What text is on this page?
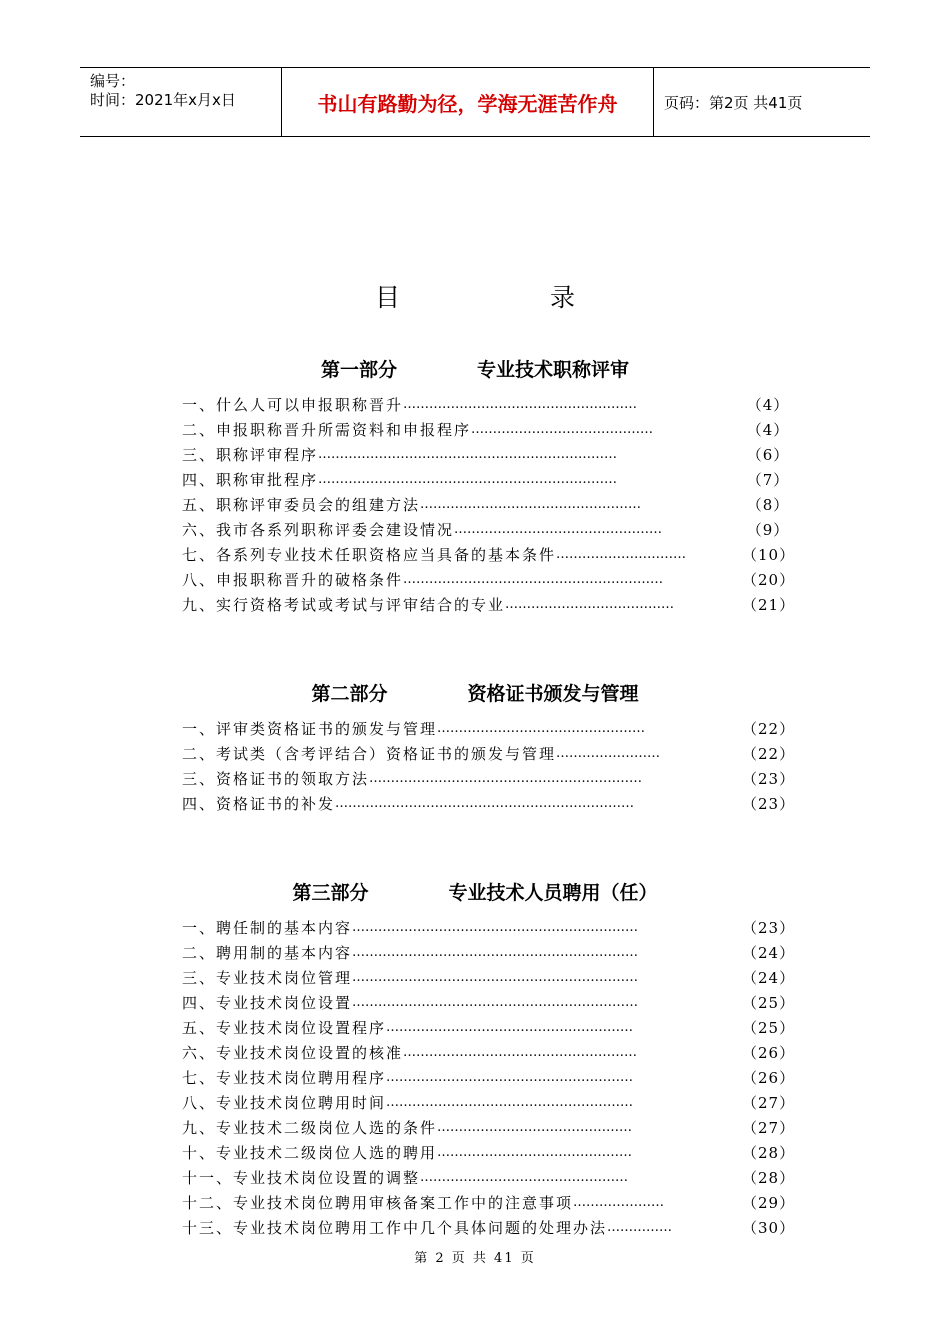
编号：
时间：2021年x月x日	书山有路勤为径，学海无涯苦作舟	页码：第2页 共41页
目	录
第一部分	专业技术职称评审
一、什么人可以申报职称晋升 ………………………………………………	（4）
二、申报职称晋升所需资料和申报程序 ……………………………………	（4）
三、职称评审程序 ……………………………………………………………	（6）
四、职称审批程序 ……………………………………………………………	（7）
五、职称评审委员会的组建方法 ……………………………………………	（8）
六、我市各系列职称评委会建设情况 …………………………………………	（9）
七、各系列专业技术任职资格应当具备的基本条件 …………………………	（10）
八、申报职称晋升的破格条件 ……………………………………………………	（20）
九、实行资格考试或考试与评审结合的专业 …………………………………	（21）
第二部分	资格证书颁发与管理
一、评审类资格证书的颁发与管理 …………………………………………	（22）
二、考试类（含考评结合）资格证书的颁发与管理 ……………………	（22）
三、资格证书的领取方法 ………………………………………………………	（23）
四、资格证书的补发 ……………………………………………………………	（23）
第三部分	专业技术人员聘用（任）
一、聘任制的基本内容 …………………………………………………………	（23）
二、聘用制的基本内容 …………………………………………………………	（24）
三、专业技术岗位管理 …………………………………………………………	（24）
四、专业技术岗位设置 …………………………………………………………	（25）
五、专业技术岗位设置程序 …………………………………………………	（25）
六、专业技术岗位设置的核准 ………………………………………………	（26）
七、专业技术岗位聘用程序 …………………………………………………	（26）
八、专业技术岗位聘用时间 …………………………………………………	（27）
九、专业技术二级岗位人选的条件 ………………………………………	（27）
十、专业技术二级岗位人选的聘用 ………………………………………	（28）
十一、专业技术岗位设置的调整 …………………………………………	（28）
十二、专业技术岗位聘用审核备案工作中的注意事项 …………………	（29）
十三、专业技术岗位聘用工作中几个具体问题的处理办法 ……………	（30）
第 2 页 共 41 页
